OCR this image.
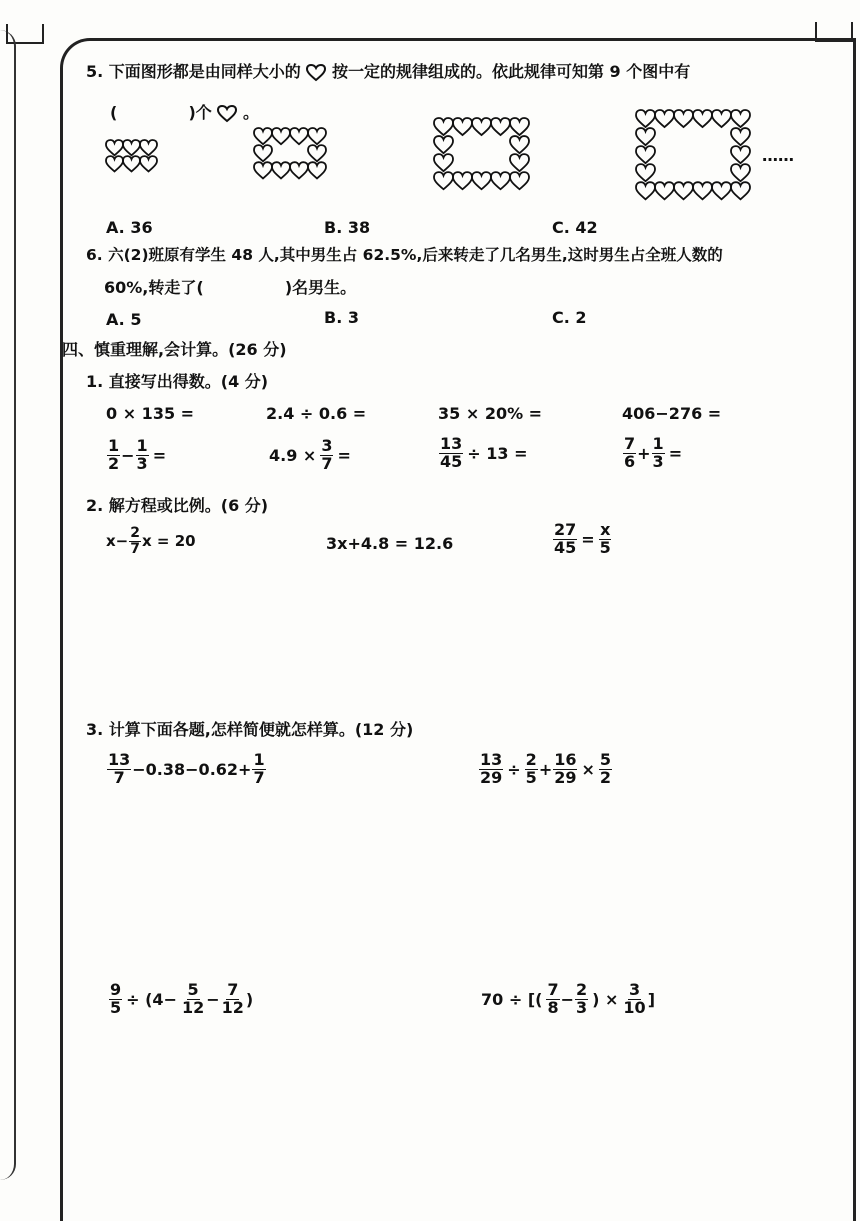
5. 下面图形都是由同样大小的 按一定的规律组成的。依此规律可知第 9 个图中有
(	)个 。
……
A. 36	B. 38	C. 42
6. 六(2)班原有学生 48 人,其中男生占 62.5%,后来转走了几名男生,这时男生占全班人数的
60%,转走了(	)名男生。
A. 5	B. 3	C. 2
四、慎重理解,会计算。(26 分)
1. 直接写出得数。(4 分)
0 × 135 =	2.4 ÷ 0.6 =	35 × 20% =	406−276 =
$\frac{1}{2} - \frac{1}{3}$ =	$4.9 \times \frac{3}{7}$ =	$\frac{13}{45} \div 13$ =	$\frac{7}{6} + \frac{1}{3}$ =
2. 解方程或比例。(6 分)
$x- \frac{2}{7}$ x = 20	3x+4.8 = 12.6	$\frac{27}{45} = \frac{x}{5}$
3. 计算下面各题,怎样简便就怎样算。(12 分)
$\frac{13}{7} -0.38-0.62+ \frac{1}{7}$	$\frac{13}{29} \div \frac{2}{5} + \frac{16}{29} \times \frac{5}{2}$
$\frac{9}{5} \div (4- \frac{5}{12} - \frac{7}{12}$ )	70 ÷ [( $\frac{7}{8} - \frac{2}{3}$ ) × $\frac{3}{10}$ ]
